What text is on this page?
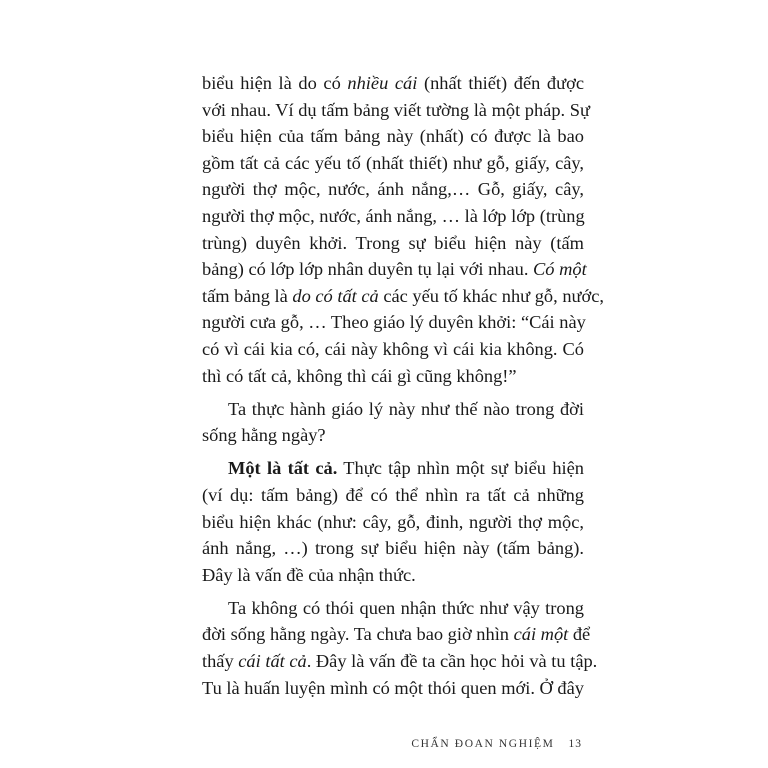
biểu hiện là do có nhiều cái (nhất thiết) đến được
với nhau. Ví dụ tấm bảng viết tường là một pháp. Sự
biểu hiện của tấm bảng này (nhất) có được là bao
gồm tất cả các yếu tố (nhất thiết) như gỗ, giấy, cây,
người thợ mộc, nước, ánh nắng,… Gỗ, giấy, cây,
người thợ mộc, nước, ánh nắng, … là lớp lớp (trùng
trùng) duyên khởi. Trong sự biểu hiện này (tấm
bảng) có lớp lớp nhân duyên tụ lại với nhau. Có một
tấm bảng là do có tất cả các yếu tố khác như gỗ, nước,
người cưa gỗ, … Theo giáo lý duyên khởi: “Cái này
có vì cái kia có, cái này không vì cái kia không. Có
thì có tất cả, không thì cái gì cũng không!”
Ta thực hành giáo lý này như thế nào trong đời
sống hằng ngày?
Một là tất cả. Thực tập nhìn một sự biểu hiện
(ví dụ: tấm bảng) để có thể nhìn ra tất cả những
biểu hiện khác (như: cây, gỗ, đinh, người thợ mộc,
ánh nắng, …) trong sự biểu hiện này (tấm bảng).
Đây là vấn đề của nhận thức.
Ta không có thói quen nhận thức như vậy trong
đời sống hằng ngày. Ta chưa bao giờ nhìn cái một để
thấy cái tất cả. Đây là vấn đề ta cần học hỏi và tu tập.
Tu là huấn luyện mình có một thói quen mới. Ở đây
CHẨN ĐOAN NGHIỆM 13
